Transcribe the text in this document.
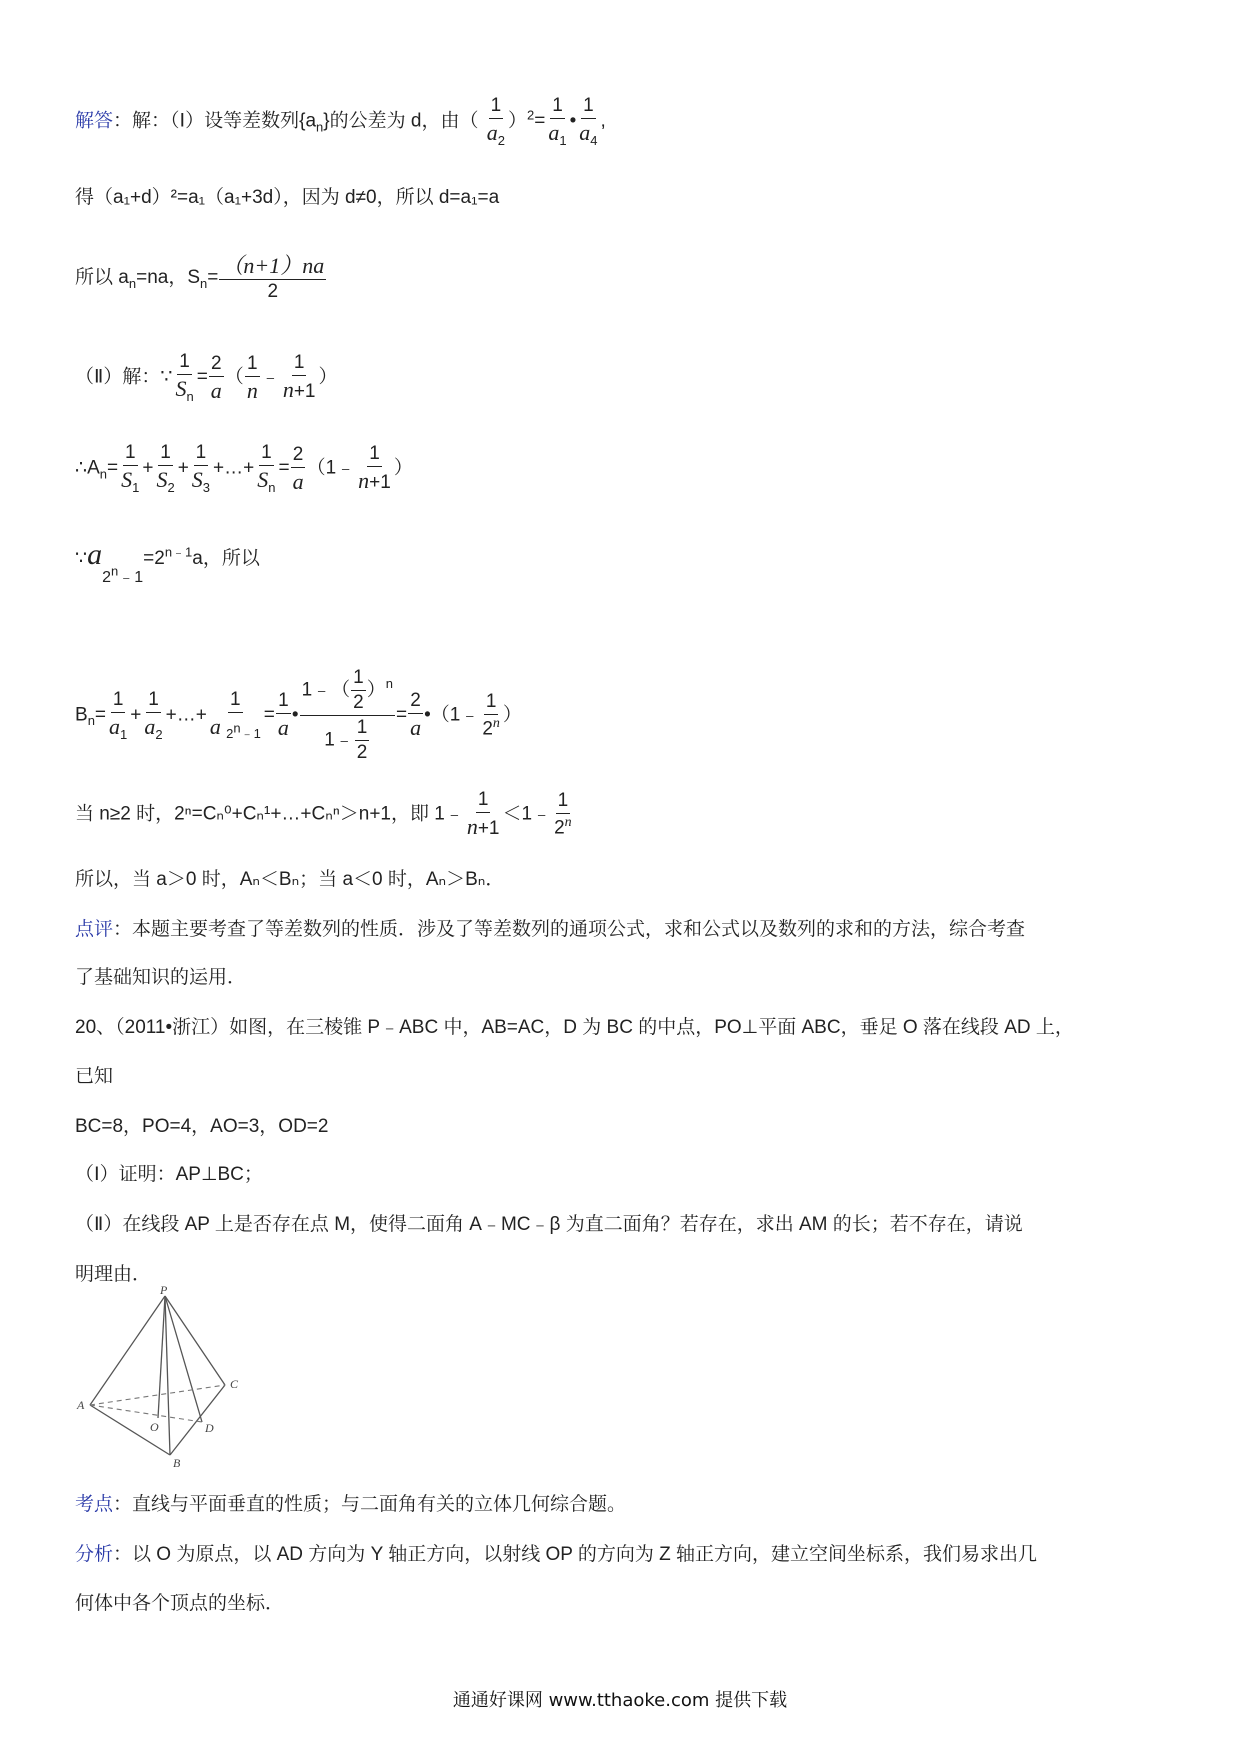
解答：解：（Ⅰ）设等差数列$\{a_n\}$的公差为 d，由（ $\frac{1}{a_2} )^2= \frac{1}{a_1}$ • $\frac{1}{a_4}$ ,
得（a₁+d）²=a₁（a₁+3d），因为 d≠0，所以 d=a₁=a
所以 $a_n=na$，$S_n= \frac{(n+1)na}{2}$
（Ⅱ）解：∵ $\frac{1}{S_n} = \frac{2}{a}$ （ $\frac{1}{n}$ ﹣ $\frac{1}{n+1}$ ）
$\therefore A_n= \frac{1}{S_1} + \frac{1}{S_2} + \frac{1}{S_3}$ +…+ $\frac{1}{S_n} = \frac{2}{a}$ （1﹣ $\frac{1}{n+1}$ ）
$\because a_{2^n﹣1}=2^{n﹣1}a$，所以
$B_n= \frac{1}{a_1} + \frac{1}{a_2}$ +…+ $\frac{1}{a _{2^n﹣1}} = \frac{1}{a}$ • $\frac{1﹣( \frac{1}{2} )^n}{1﹣ \frac{1}{2}} = \frac{2}{a}$ •（1﹣ $\frac{1}{2^n}$ ）
当 n≥2 时，2ⁿ=Cₙ⁰+Cₙ¹+…+Cₙⁿ＞n+1，即 1﹣ $\frac{1}{n+1}$ ＜1﹣ $\frac{1}{2^n}$
所以，当 a＞0 时，Aₙ＜Bₙ；当 a＜0 时，Aₙ＞Bₙ．
点评：本题主要考查了等差数列的性质．涉及了等差数列的通项公式，求和公式以及数列的求和的方法，综合考查
了基础知识的运用．
20、（2011•浙江）如图，在三棱锥 P﹣ABC 中，AB=AC，D 为 BC 的中点，PO⊥平面 ABC，垂足 O 落在线段 AD 上，
已知
BC=8，PO=4，AO=3，OD=2
（Ⅰ）证明：AP⊥BC；
（Ⅱ）在线段 AP 上是否存在点 M，使得二面角 A﹣MC﹣β 为直二面角？若存在，求出 AM 的长；若不存在，请说
明理由．
P
A
B
C
D
O
考点：直线与平面垂直的性质；与二面角有关的立体几何综合题。
分析：以 O 为原点，以 AD 方向为 Y 轴正方向，以射线 OP 的方向为 Z 轴正方向，建立空间坐标系，我们易求出几
何体中各个顶点的坐标．
通通好课网 www.tthaoke.com 提供下载
